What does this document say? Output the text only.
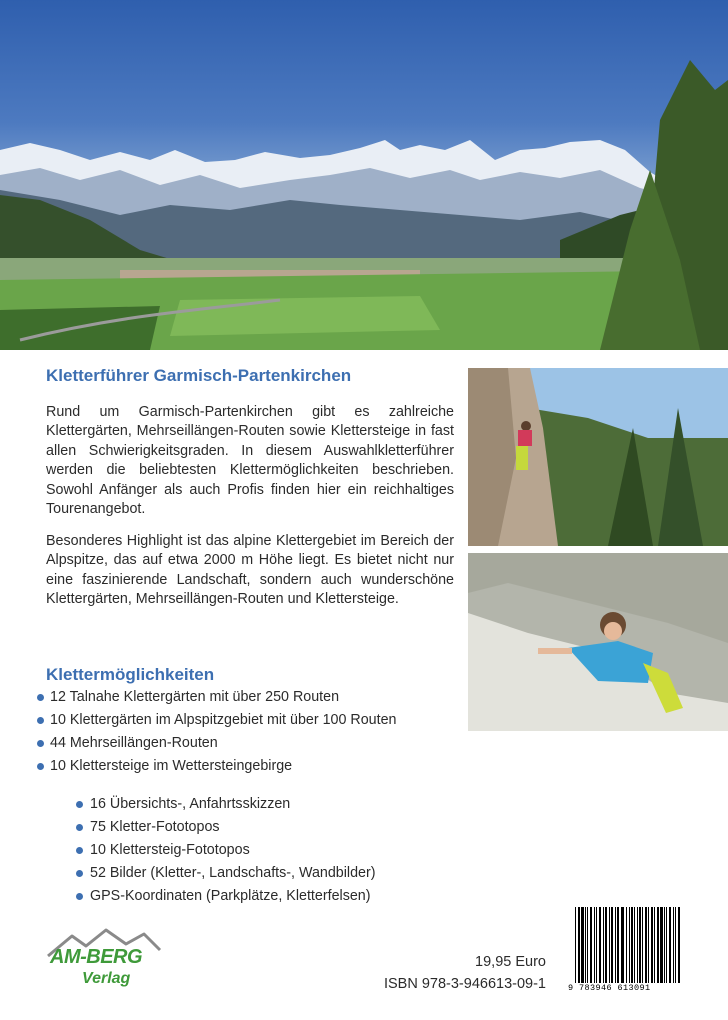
Kletterführer Garmisch-Partenkirchen
Rund um Garmisch-Partenkirchen gibt es zahlreiche Klettergärten, Mehrseillängen-Routen sowie Klettersteige in fast allen Schwierigkeitsgraden. In diesem Auswahlkletterführer werden die beliebtesten Klettermöglichkeiten beschrieben. Sowohl Anfänger als auch Profis finden hier ein reichhaltiges Tourenangebot.
Besonderes Highlight ist das alpine Klettergebiet im Bereich der Alpspitze, das auf etwa 2000 m Höhe liegt. Es bietet nicht nur eine faszinierende Landschaft, sondern auch wunderschöne Klettergärten, Mehrseillängen-Routen und Klettersteige.
Klettermöglichkeiten
12 Talnahe Klettergärten mit über 250 Routen
10 Klettergärten im Alpspitzgebiet mit über 100 Routen
44 Mehrseillängen-Routen
10 Klettersteige im Wettersteingebirge
16 Übersichts-, Anfahrtsskizzen
75 Kletter-Fototopos
10 Klettersteig-Fototopos
52 Bilder (Kletter-, Landschafts-, Wandbilder)
GPS-Koordinaten (Parkplätze, Kletterfelsen)
AM-BERG
Verlag
19,95 Euro
ISBN 978-3-946613-09-1	9 783946 613091
